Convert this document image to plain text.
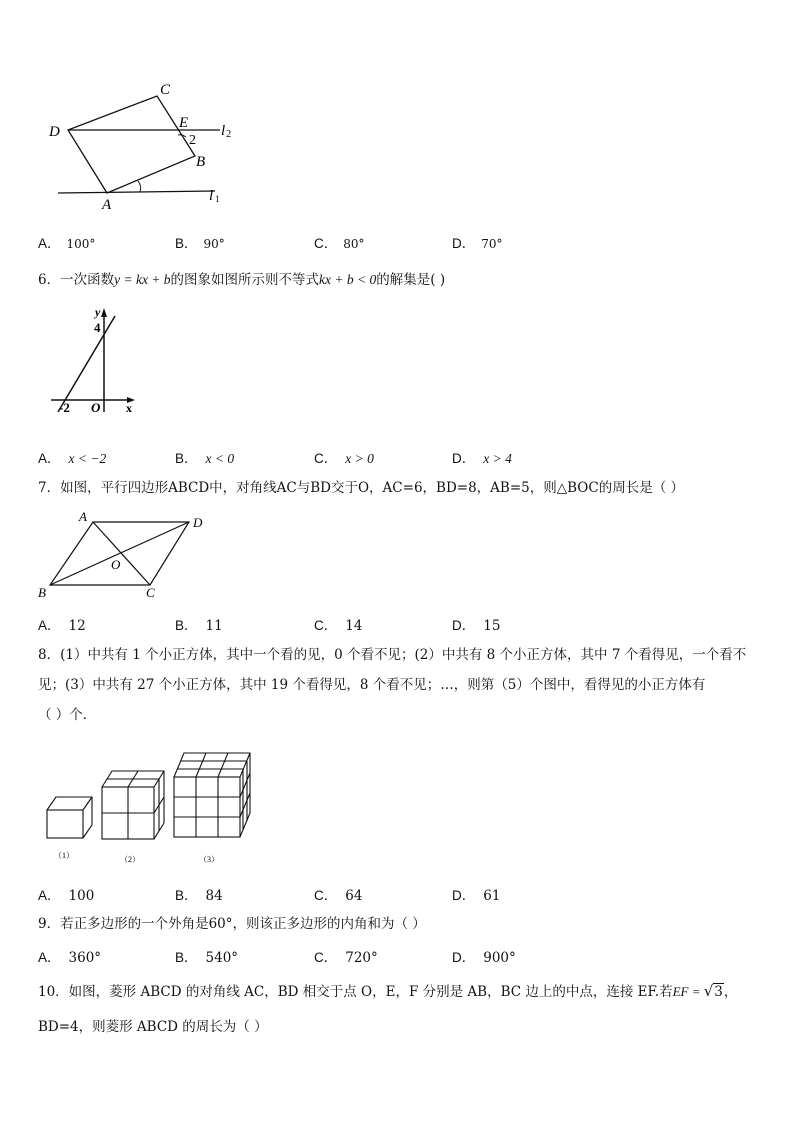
C
D
E
2
l2
B
A
l 1
A． 100°	B． 90°	C． 80°	D． 70°
6．一次函数y = kx + b的图象如图所示则不等式kx + b < 0的解集是( )
y
4
-2 O x
A． x < −2	B． x < 0	C． x > 0	D． x > 4
7．如图，平行四边形ABCD中，对角线AC与BD交于O，AC=6，BD=8，AB=5，则△BOC的周长是（ ）
A	D
O
B	C
A． 12	B． 11	C． 14	D． 15
8．(1）中共有 1 个小正方体，其中一个看的见，0 个看不见；(2）中共有 8 个小正方体，其中 7 个看得见，一个看不
见；(3）中共有 27 个小正方体，其中 19 个看得见，8 个看不见；…，则第（5）个图中，看得见的小正方体有
（ ）个．
（1）	（2）	（3）
A． 100	B． 84	C． 64	D． 61
9．若正多边形的一个外角是60°，则该正多边形的内角和为（ ）
A． 360°	B． 540°	C． 720°	D． 900°
10．如图，菱形 ABCD 的对角线 AC，BD 相交于点 O，E，F 分别是 AB，BC 边上的中点，连接 EF.若EF = √3，
BD=4，则菱形 ABCD 的周长为（ ）
